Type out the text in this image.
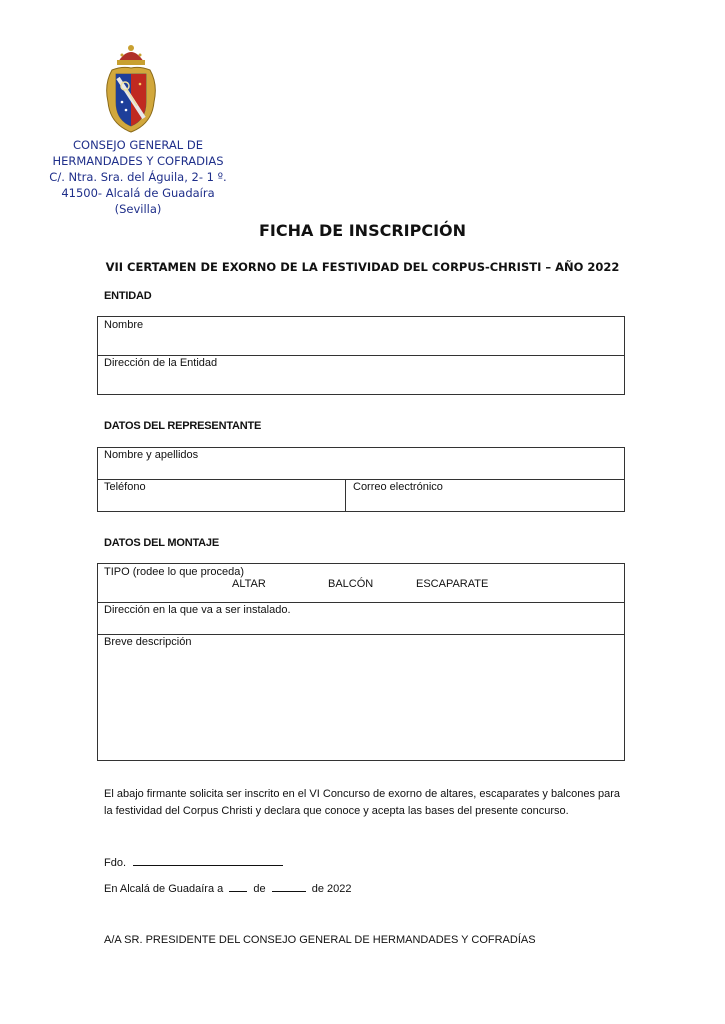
CONSEJO GENERAL DE
HERMANDADES Y COFRADIAS
C/. Ntra. Sra. del Águila, 2- 1 º.
41500- Alcalá de Guadaíra (Sevilla)
FICHA DE INSCRIPCIÓN
VII CERTAMEN DE EXORNO DE LA FESTIVIDAD DEL CORPUS-CHRISTI – AÑO 2022
ENTIDAD
Nombre
Dirección de la Entidad
DATOS DEL REPRESENTANTE
Nombre y apellidos
Teléfono	Correo electrónico
DATOS DEL MONTAJE
TIPO (rodee lo que proceda)
ALTAR	BALCÓN	ESCAPARATE
Dirección en la que va a ser instalado.
Breve descripción
El abajo firmante solicita ser inscrito en el VI Concurso de exorno de altares, escaparates y balcones para
la festividad del Corpus Christi y declara que conoce y acepta las bases del presente concurso.
Fdo.
En Alcalá de Guadaíra a	de	de 2022
A/A SR. PRESIDENTE DEL CONSEJO GENERAL DE HERMANDADES Y COFRADÍAS
